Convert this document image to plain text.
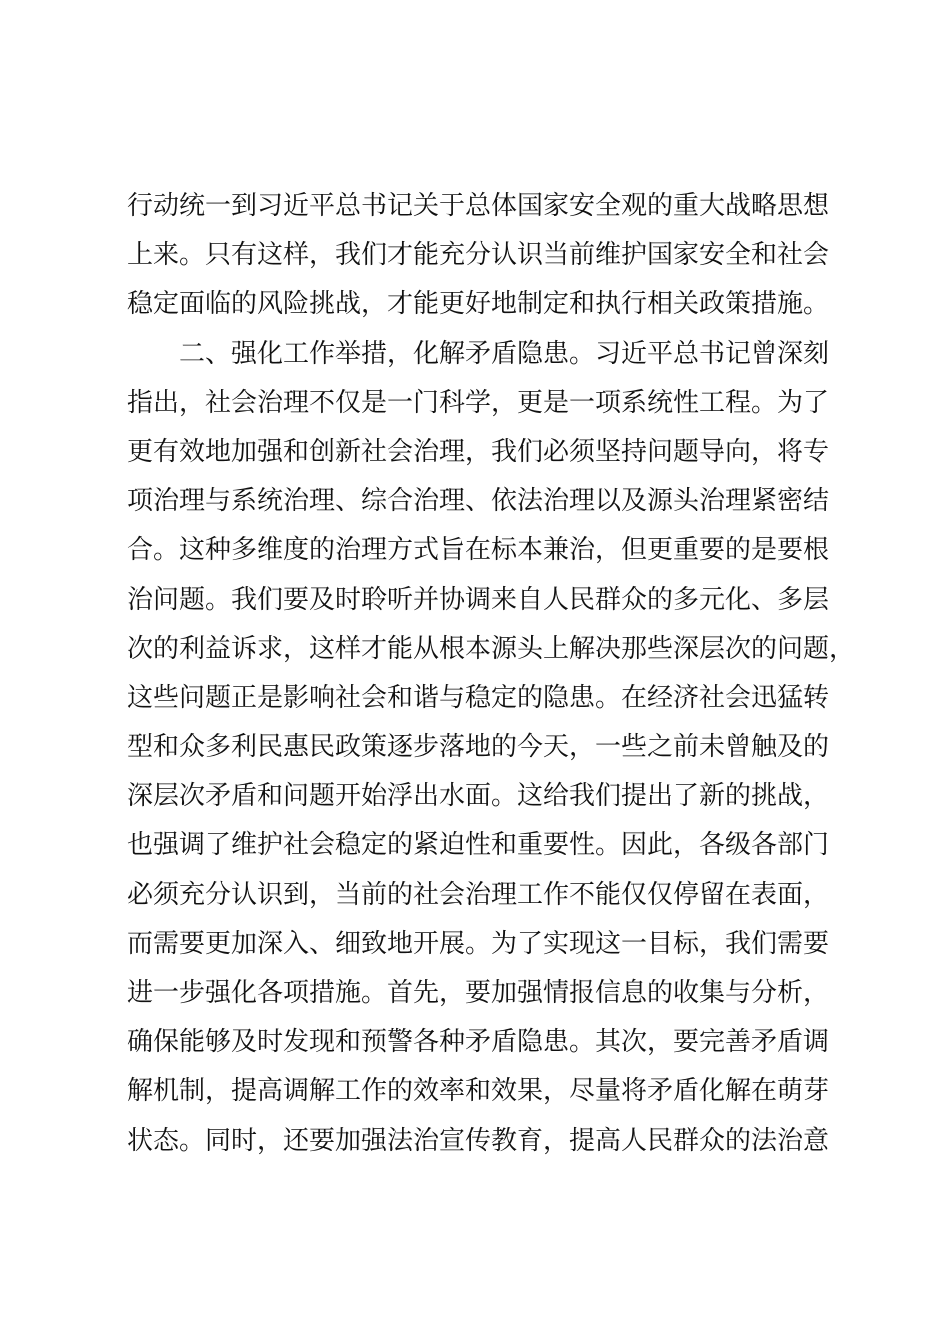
行动统一到习近平总书记关于总体国家安全观的重大战略思想
上来。只有这样，我们才能充分认识当前维护国家安全和社会
稳定面临的风险挑战，才能更好地制定和执行相关政策措施。
二、强化工作举措，化解矛盾隐患。习近平总书记曾深刻
指出，社会治理不仅是一门科学，更是一项系统性工程。为了
更有效地加强和创新社会治理，我们必须坚持问题导向，将专
项治理与系统治理、综合治理、依法治理以及源头治理紧密结
合。这种多维度的治理方式旨在标本兼治，但更重要的是要根
治问题。我们要及时聆听并协调来自人民群众的多元化、多层
次的利益诉求，这样才能从根本源头上解决那些深层次的问题，
这些问题正是影响社会和谐与稳定的隐患。在经济社会迅猛转
型和众多利民惠民政策逐步落地的今天，一些之前未曾触及的
深层次矛盾和问题开始浮出水面。这给我们提出了新的挑战，
也强调了维护社会稳定的紧迫性和重要性。因此，各级各部门
必须充分认识到，当前的社会治理工作不能仅仅停留在表面，
而需要更加深入、细致地开展。为了实现这一目标，我们需要
进一步强化各项措施。首先，要加强情报信息的收集与分析，
确保能够及时发现和预警各种矛盾隐患。其次，要完善矛盾调
解机制，提高调解工作的效率和效果，尽量将矛盾化解在萌芽
状态。同时，还要加强法治宣传教育，提高人民群众的法治意
